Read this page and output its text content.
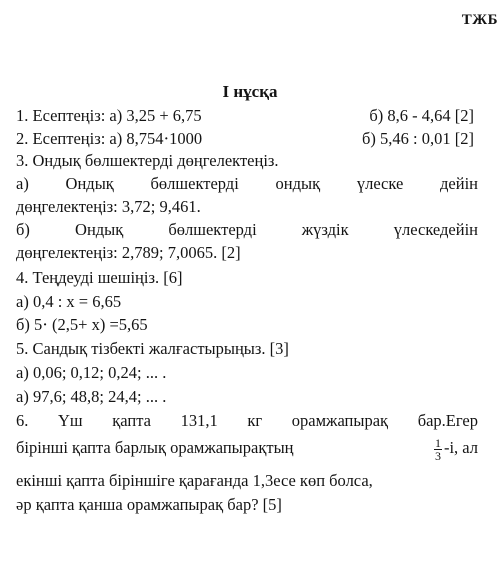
ТЖБ
I нұсқа
1. Есептеңіз: а) 3,25 + 6,75	б) 8,6 - 4,64 [2]
2. Есептеңіз: а) 8,754⋅1000	б) 5,46 : 0,01 [2]
3. Ондық бөлшектерді дөңгелектеңіз.
а) Ондық бөлшектерді ондық үлеске дейін
дөңгелектеңіз: 3,72; 9,461.
б) Ондық бөлшектерді жүздік үлескедейін
дөңгелектеңіз: 2,789; 7,0065. [2]
4. Теңдеуді шешіңіз. [6]
а) 0,4 : х = 6,65
б) 5⋅ (2,5+ х) =5,65
5. Сандық тізбекті жалғастырыңыз. [3]
а) 0,06; 0,12; 0,24; ... .
а) 97,6; 48,8; 24,4; ... .
6. Үш қапта 131,1 кг орамжапырақ бар.Егер
бірінші қапта барлық орамжапырақтың	$\frac{1}{3} -і$, ал
екінші қапта біріншіге қарағанда 1,3есе көп болса,
әр қапта қанша орамжапырақ бар? [5]
